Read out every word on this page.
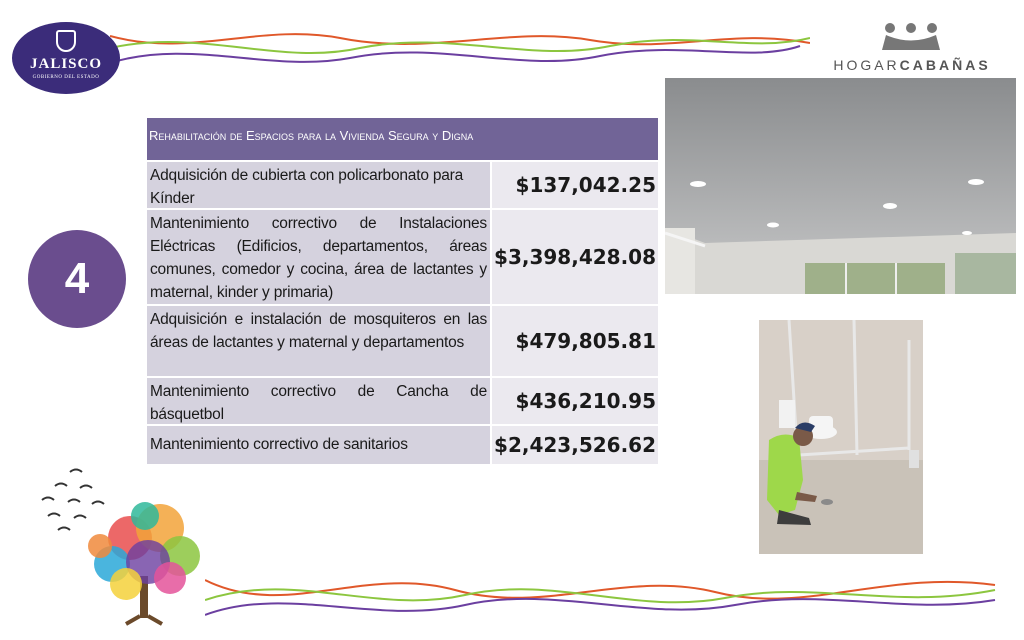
JALISCO
GOBIERNO DEL ESTADO
HOGARCABAÑAS
4
Rehabilitación de Espacios para la Vivienda Segura y Digna
Adquisición de cubierta con policarbonato para Kínder
$137,042.25
Mantenimiento correctivo de Instalaciones Eléctricas (Edificios, departamentos, áreas comunes, comedor y cocina, área de lactantes y maternal, kinder y primaria)
$3,398,428.08
Adquisición e instalación de mosquiteros en las áreas de lactantes y maternal y departamentos	$479,805.81
Mantenimiento correctivo de Cancha de básquetbol
$436,210.95
Mantenimiento correctivo de sanitarios	$2,423,526.62
